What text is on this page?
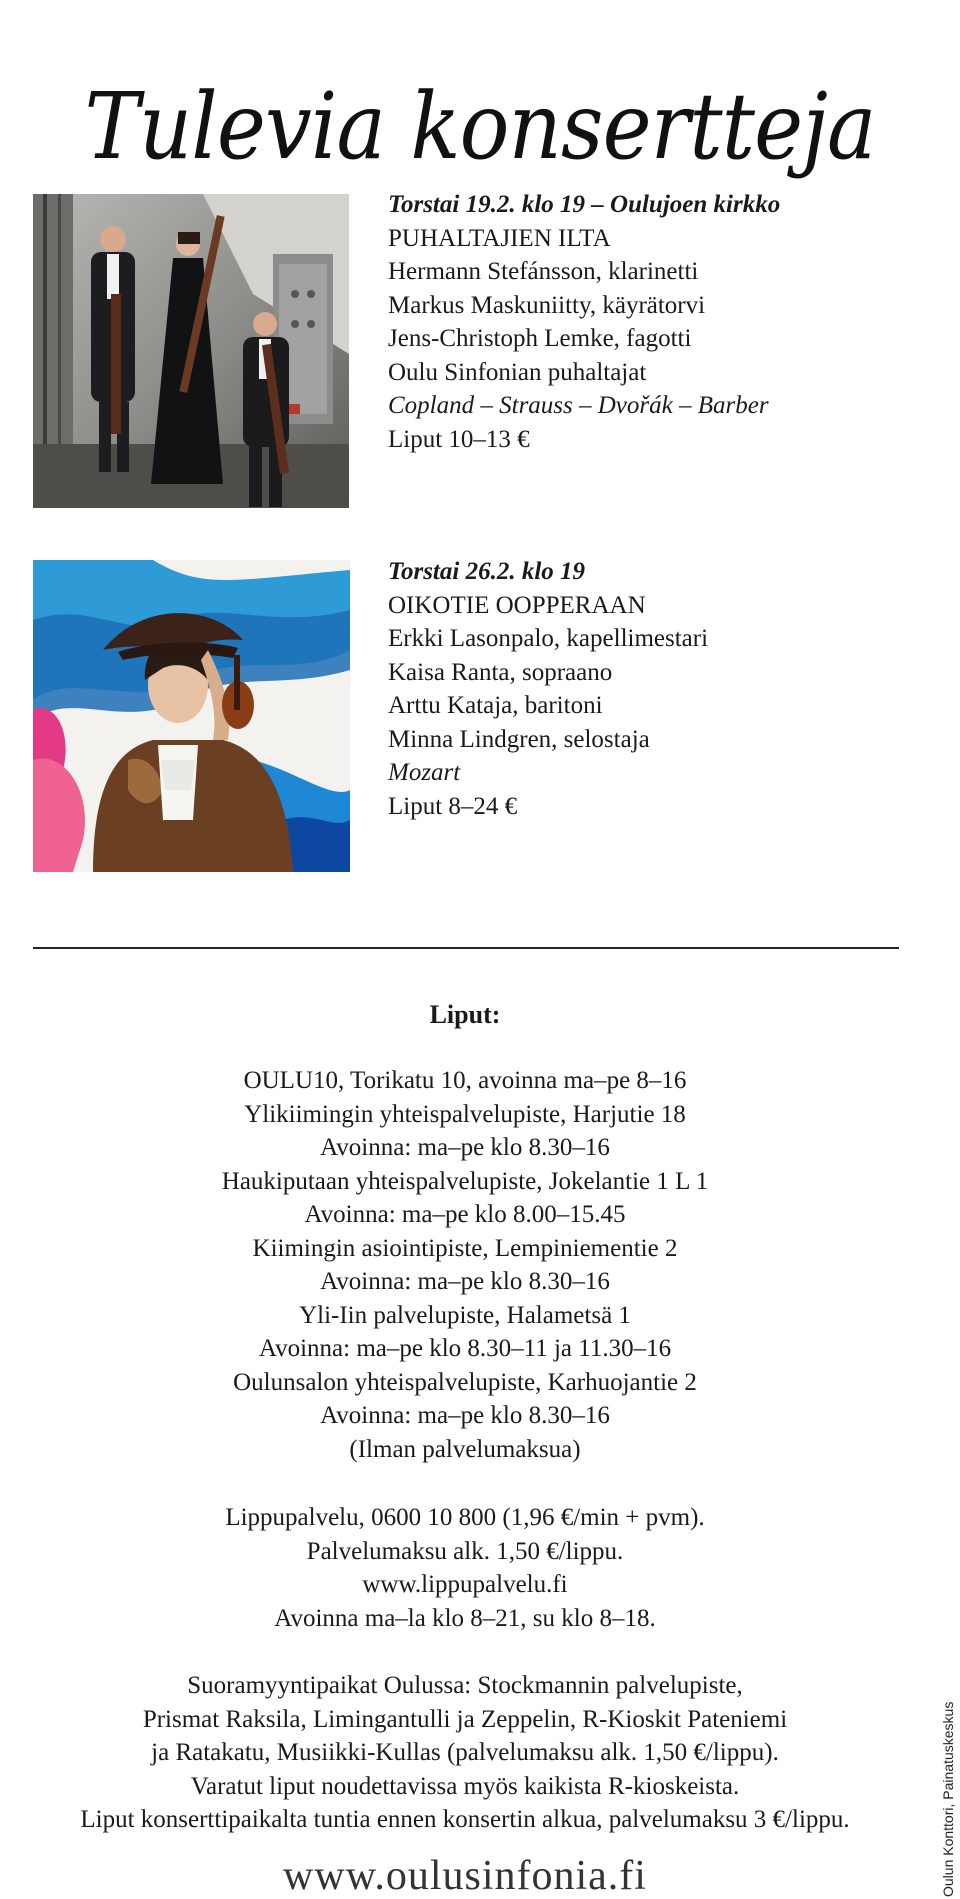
Tulevia konsertteja
Torstai 19.2. klo 19 – Oulujoen kirkko
PUHALTAJIEN ILTA
Hermann Stefánsson, klarinetti
Markus Maskuniitty, käyrätorvi
Jens-Christoph Lemke, fagotti
Oulu Sinfonian puhaltajat
Copland – Strauss – Dvořák – Barber
Liput 10–13 €
Torstai 26.2. klo 19
OIKOTIE OOPPERAAN
Erkki Lasonpalo, kapellimestari
Kaisa Ranta, sopraano
Arttu Kataja, baritoni
Minna Lindgren, selostaja
Mozart
Liput 8–24 €
Liput:
OULU10, Torikatu 10, avoinna ma–pe 8–16
Ylikiimingin yhteispalvelupiste, Harjutie 18
Avoinna: ma–pe klo 8.30–16
Haukiputaan yhteispalvelupiste, Jokelantie 1 L 1
Avoinna: ma–pe klo 8.00–15.45
Kiimingin asiointipiste, Lempiniementie 2
Avoinna: ma–pe klo 8.30–16
Yli-Iin palvelupiste, Halametsä 1
Avoinna: ma–pe klo 8.30–11 ja 11.30–16
Oulunsalon yhteispalvelupiste, Karhuojantie 2
Avoinna: ma–pe klo 8.30–16
(Ilman palvelumaksua)
Lippupalvelu, 0600 10 800 (1,96 €/min + pvm).
Palvelumaksu alk. 1,50 €/lippu.
www.lippupalvelu.fi
Avoinna ma–la klo 8–21, su klo 8–18.
Suoramyyntipaikat Oulussa: Stockmannin palvelupiste,
Prismat Raksila, Limingantulli ja Zeppelin, R-Kioskit Pateniemi
ja Ratakatu, Musiikki-Kullas (palvelumaksu alk. 1,50 €/lippu).
Varatut liput noudettavissa myös kaikista R-kioskeista.
Liput konserttipaikalta tuntia ennen konsertin alkua, palvelumaksu 3 €/lippu.
www.oulusinfonia.fi	Oulun Konttori, Painatuskeskus
